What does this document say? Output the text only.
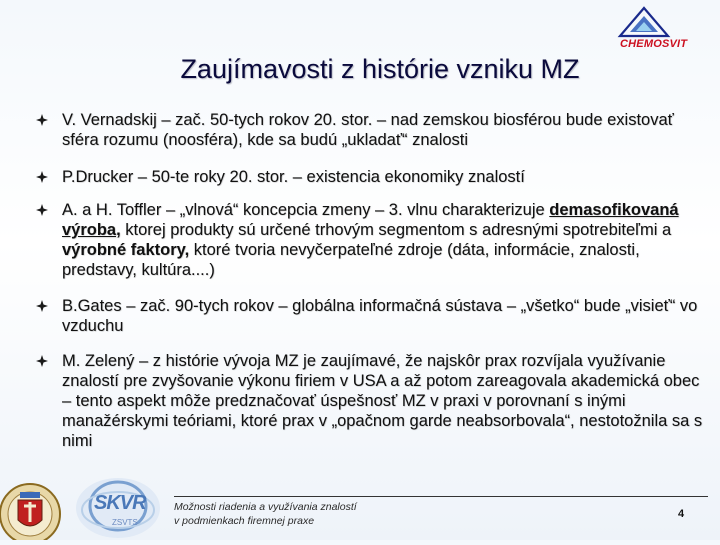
CHEMOSVIT
Zaujímavosti z histórie vzniku MZ
V. Vernadskij – zač. 50-tych rokov 20. stor. – nad zemskou biosférou bude existovať sféra rozumu (noosféra), kde sa budú „ukladať“ znalosti
P.Drucker – 50-te roky 20. stor. – existencia ekonomiky znalostí
A. a H. Toffler – „vlnová“ koncepcia zmeny – 3. vlnu charakterizuje demasofikovaná výroba, ktorej produkty sú určené trhovým segmentom s adresnými spotrebiteľmi a výrobné faktory, ktoré tvoria nevyčerpateľné zdroje (dáta, informácie, znalosti, predstavy, kultúra....)
B.Gates – zač. 90-tych rokov – globálna informačná sústava – „všetko“ bude „visieť“ vo vzduchu
M. Zelený – z histórie vývoja MZ je zaujímavé, že najskôr prax rozvíjala využívanie znalostí pre zvyšovanie výkonu firiem v USA a až potom zareagovala akademická obec – tento aspekt môže predznačovať úspešnosť MZ v praxi v porovnaní s inými manažérskymi teóriami, ktoré prax v „opačnom garde neabsorbovala“, nestotožnila sa s nimi
SKVR
ZSVTS
Možnosti riadenia a využívania znalostí
v podmienkach firemnej praxe
4
